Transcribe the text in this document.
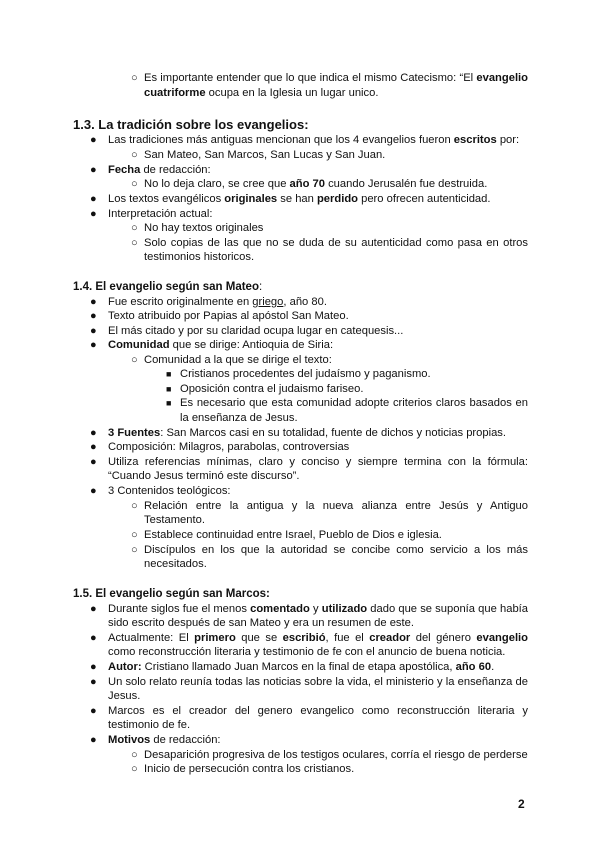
○ Es importante entender que lo que indica el mismo Catecismo: “El evangelio
cuatriforme ocupa en la Iglesia un lugar unico.
1.3. La tradición sobre los evangelios:
● Las tradiciones más antiguas mencionan que los 4 evangelios fueron escritos por:
○ San Mateo, San Marcos, San Lucas y San Juan.
● Fecha de redacción:
○ No lo deja claro, se cree que año 70 cuando Jerusalén fue destruida.
● Los textos evangélicos originales se han perdido pero ofrecen autenticidad.
● Interpretación actual:
○ No hay textos originales
○ Solo copias de las que no se duda de su autenticidad como pasa en otros
testimonios historicos.
1.4. El evangelio según san Mateo:
● Fue escrito originalmente en griego, año 80.
● Texto atribuido por Papias al apóstol San Mateo.
● El más citado y por su claridad ocupa lugar en catequesis...
● Comunidad que se dirige: Antioquia de Siria:
○ Comunidad a la que se dirige el texto:
■ Cristianos procedentes del judaísmo y paganismo.
■ Oposición contra el judaismo fariseo.
■ Es necesario que esta comunidad adopte criterios claros basados en
la enseñanza de Jesus.
● 3 Fuentes: San Marcos casi en su totalidad, fuente de dichos y noticias propias.
● Composición: Milagros, parabolas, controversias
● Utiliza referencias mínimas, claro y conciso y siempre termina con la fórmula:
“Cuando Jesus terminó este discurso”.
● 3 Contenidos teológicos:
○ Relación entre la antigua y la nueva alianza entre Jesús y Antiguo
Testamento.
○ Establece continuidad entre Israel, Pueblo de Dios e iglesia.
○ Discípulos en los que la autoridad se concibe como servicio a los más
necesitados.
1.5. El evangelio según san Marcos:
● Durante siglos fue el menos comentado y utilizado dado que se suponía que había
sido escrito después de san Mateo y era un resumen de este.
● Actualmente: El primero que se escribió, fue el creador del género evangelio
como reconstrucción literaria y testimonio de fe con el anuncio de buena noticia.
● Autor: Cristiano llamado Juan Marcos en la final de etapa apostólica, año 60.
● Un solo relato reunía todas las noticias sobre la vida, el ministerio y la enseñanza de
Jesus.
● Marcos es el creador del genero evangelico como reconstrucción literaria y
testimonio de fe.
● Motivos de redacción:
○ Desaparición progresiva de los testigos oculares, corría el riesgo de perderse
○ Inicio de persecución contra los cristianos.
2
